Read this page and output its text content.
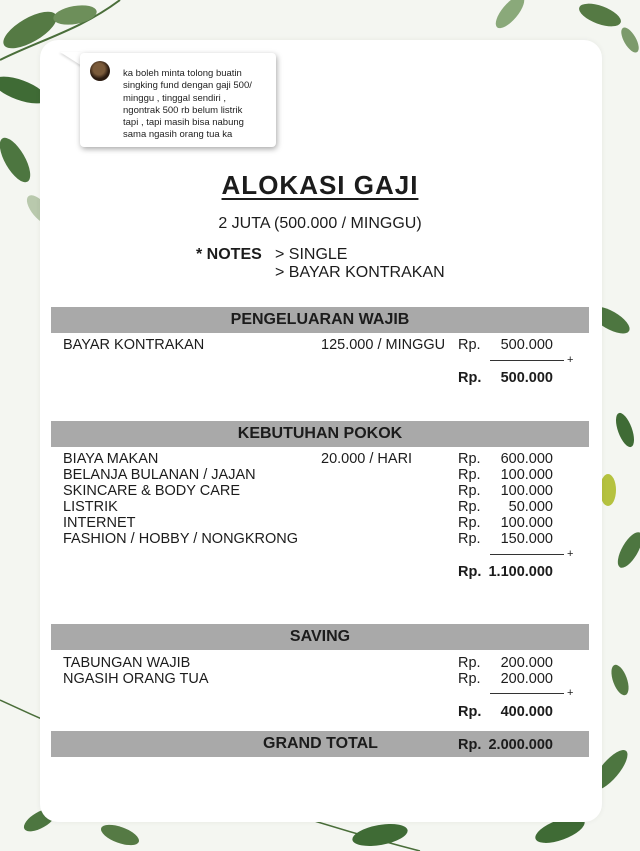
ka boleh minta tolong buatin
singking fund dengan gaji 500/
minggu , tinggal sendiri ,
ngontrak 500 rb belum listrik
tapi , tapi masih bisa nabung
sama ngasih orang tua ka
ALOKASI GAJI
2 JUTA (500.000 / MINGGU)
* NOTES > SINGLE
> BAYAR KONTRAKAN
PENGELUARAN WAJIB
BAYAR KONTRAKAN	125.000 / MINGGU Rp.	500.000
+
Rp.	500.000
KEBUTUHAN POKOK
BIAYA MAKAN	20.000 / HARI	Rp.	600.000
BELANJA BULANAN / JAJAN	Rp.	100.000
SKINCARE & BODY CARE	Rp.	100.000
LISTRIK	Rp.	50.000
INTERNET	Rp.	100.000
FASHION / HOBBY / NONGKRONG	Rp.	150.000
+
Rp. 1.100.000
SAVING
TABUNGAN WAJIB	Rp.	200.000
NGASIH ORANG TUA	Rp.	200.000
+
Rp.	400.000
GRAND TOTAL	Rp. 2.000.000
